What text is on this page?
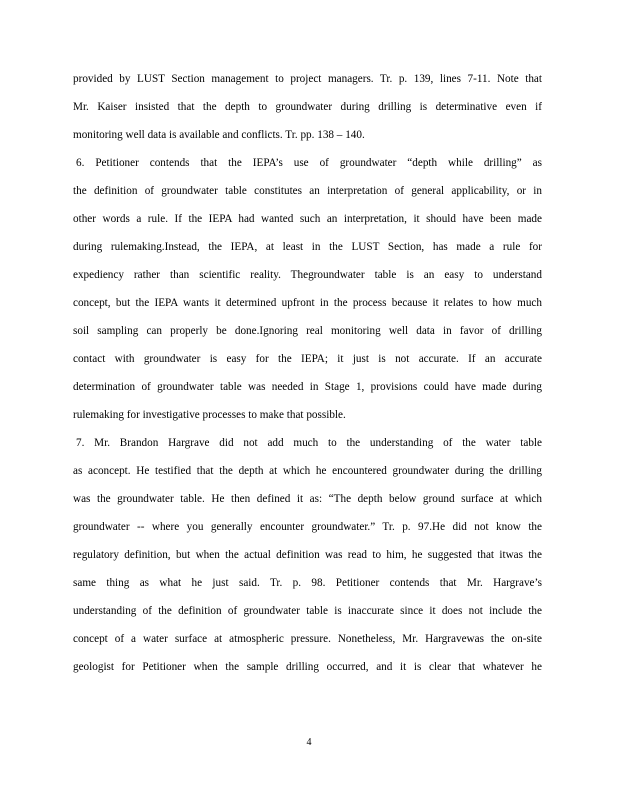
provided by LUST Section management to project managers. Tr. p. 139, lines 7-11. Note that
Mr. Kaiser insisted that the depth to groundwater during drilling is determinative even if
monitoring well data is available and conflicts. Tr. pp. 138 – 140.
6. Petitioner contends that the IEPA’s use of groundwater “depth while drilling” as
the definition of groundwater table constitutes an interpretation of general applicability, or in
other words a rule. If the IEPA had wanted such an interpretation, it should have been made
during rulemaking.Instead, the IEPA, at least in the LUST Section, has made a rule for
expediency rather than scientific reality. Thegroundwater table is an easy to understand
concept, but the IEPA wants it determined upfront in the process because it relates to how much
soil sampling can properly be done.Ignoring real monitoring well data in favor of drilling
contact with groundwater is easy for the IEPA; it just is not accurate. If an accurate
determination of groundwater table was needed in Stage 1, provisions could have made during
rulemaking for investigative processes to make that possible.
7. Mr. Brandon Hargrave did not add much to the understanding of the water table
as aconcept. He testified that the depth at which he encountered groundwater during the drilling
was the groundwater table. He then defined it as: “The depth below ground surface at which
groundwater -- where you generally encounter groundwater.” Tr. p. 97.He did not know the
regulatory definition, but when the actual definition was read to him, he suggested that itwas the
same thing as what he just said. Tr. p. 98. Petitioner contends that Mr. Hargrave’s
understanding of the definition of groundwater table is inaccurate since it does not include the
concept of a water surface at atmospheric pressure. Nonetheless, Mr. Hargravewas the on-site
geologist for Petitioner when the sample drilling occurred, and it is clear that whatever he
4
